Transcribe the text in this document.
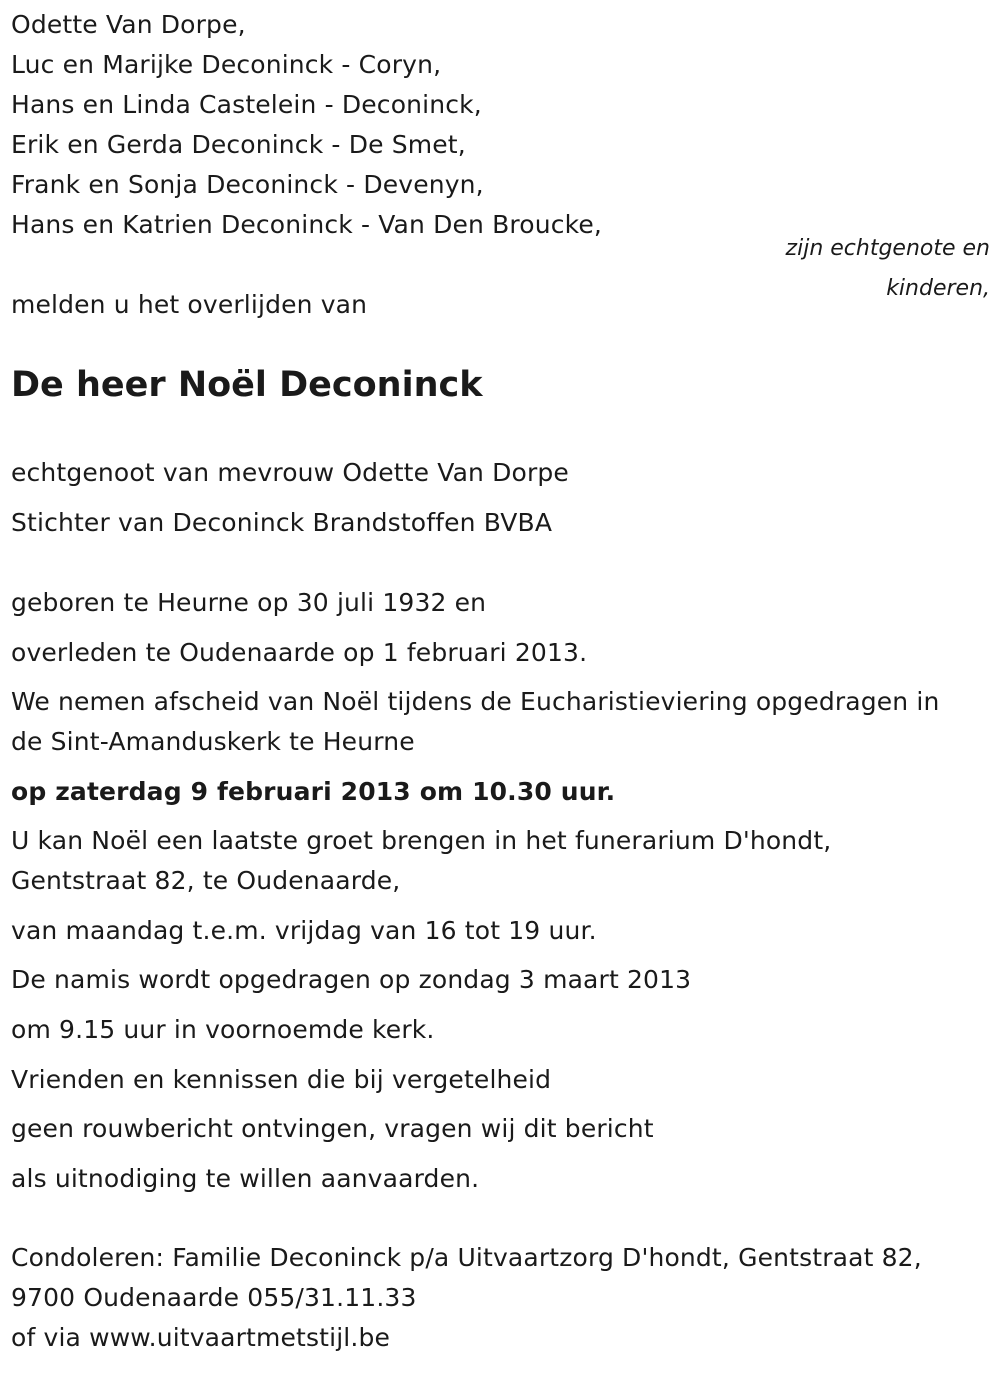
Odette Van Dorpe,
Luc en Marijke Deconinck - Coryn,
Hans en Linda Castelein - Deconinck,
Erik en Gerda Deconinck - De Smet,
Frank en Sonja Deconinck - Devenyn,
Hans en Katrien Deconinck - Van Den Broucke,
zijn echtgenote en
kinderen,
melden u het overlijden van
De heer Noël Deconinck
echtgenoot van mevrouw Odette Van Dorpe
Stichter van Deconinck Brandstoffen BVBA
geboren te Heurne op 30 juli 1932 en
overleden te Oudenaarde op 1 februari 2013.
We nemen afscheid van Noël tijdens de Eucharistieviering opgedragen in
de Sint-Amanduskerk te Heurne
op zaterdag 9 februari 2013 om 10.30 uur.
U kan Noël een laatste groet brengen in het funerarium D'hondt,
Gentstraat 82, te Oudenaarde,
van maandag t.e.m. vrijdag van 16 tot 19 uur.
De namis wordt opgedragen op zondag 3 maart 2013
om 9.15 uur in voornoemde kerk.
Vrienden en kennissen die bij vergetelheid
geen rouwbericht ontvingen, vragen wij dit bericht
als uitnodiging te willen aanvaarden.
Condoleren: Familie Deconinck p/a Uitvaartzorg D'hondt, Gentstraat 82,
9700 Oudenaarde 055/31.11.33
of via www.uitvaartmetstijl.be
